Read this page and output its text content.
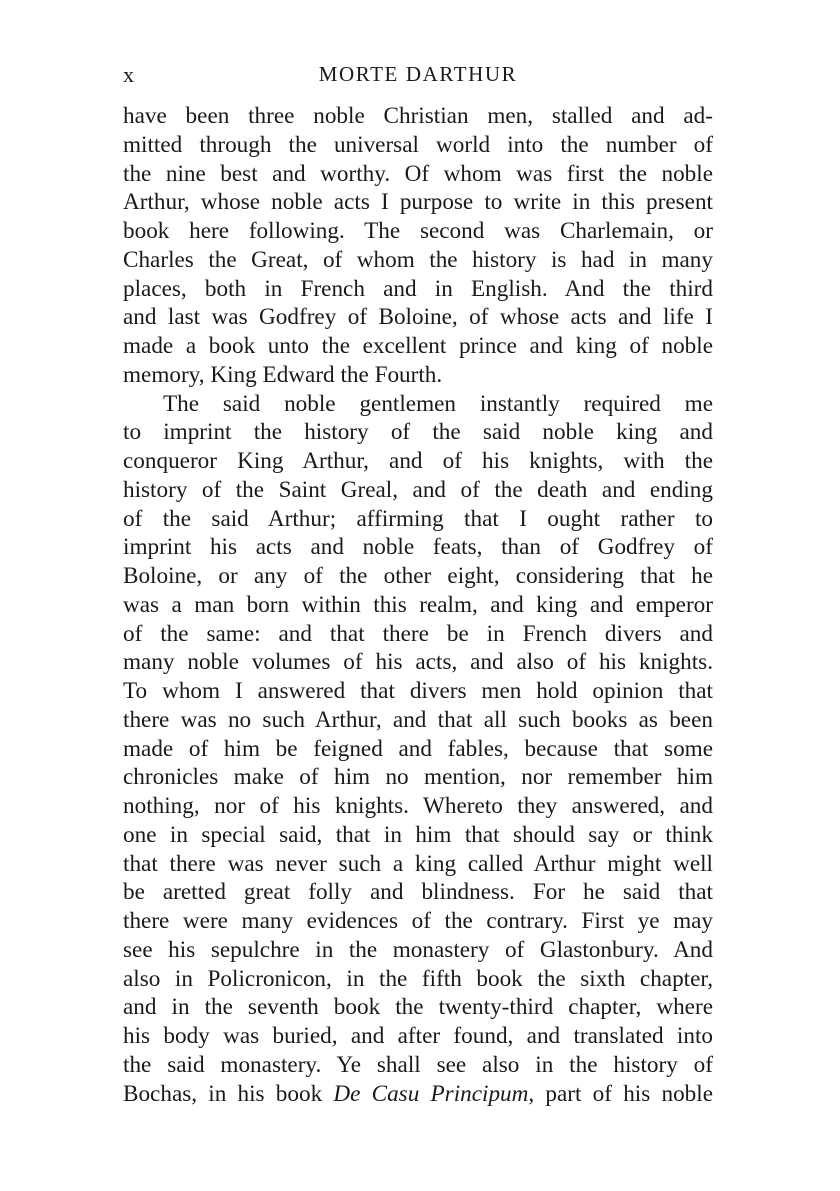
x	MORTE DARTHUR
have been three noble Christian men, stalled and ad-
mitted through the universal world into the number of
the nine best and worthy. Of whom was first the noble
Arthur, whose noble acts I purpose to write in this present
book here following. The second was Charlemain, or
Charles the Great, of whom the history is had in many
places, both in French and in English. And the third
and last was Godfrey of Boloine, of whose acts and life I
made a book unto the excellent prince and king of noble
memory, King Edward the Fourth.
The said noble gentlemen instantly required me
to imprint the history of the said noble king and
conqueror King Arthur, and of his knights, with the
history of the Saint Greal, and of the death and ending
of the said Arthur; affirming that I ought rather to
imprint his acts and noble feats, than of Godfrey of
Boloine, or any of the other eight, considering that he
was a man born within this realm, and king and emperor
of the same: and that there be in French divers and
many noble volumes of his acts, and also of his knights.
To whom I answered that divers men hold opinion that
there was no such Arthur, and that all such books as been
made of him be feigned and fables, because that some
chronicles make of him no mention, nor remember him
nothing, nor of his knights. Whereto they answered, and
one in special said, that in him that should say or think
that there was never such a king called Arthur might well
be aretted great folly and blindness. For he said that
there were many evidences of the contrary. First ye may
see his sepulchre in the monastery of Glastonbury. And
also in Policronicon, in the fifth book the sixth chapter,
and in the seventh book the twenty-third chapter, where
his body was buried, and after found, and translated into
the said monastery. Ye shall see also in the history of
Bochas, in his book De Casu Principum, part of his noble
